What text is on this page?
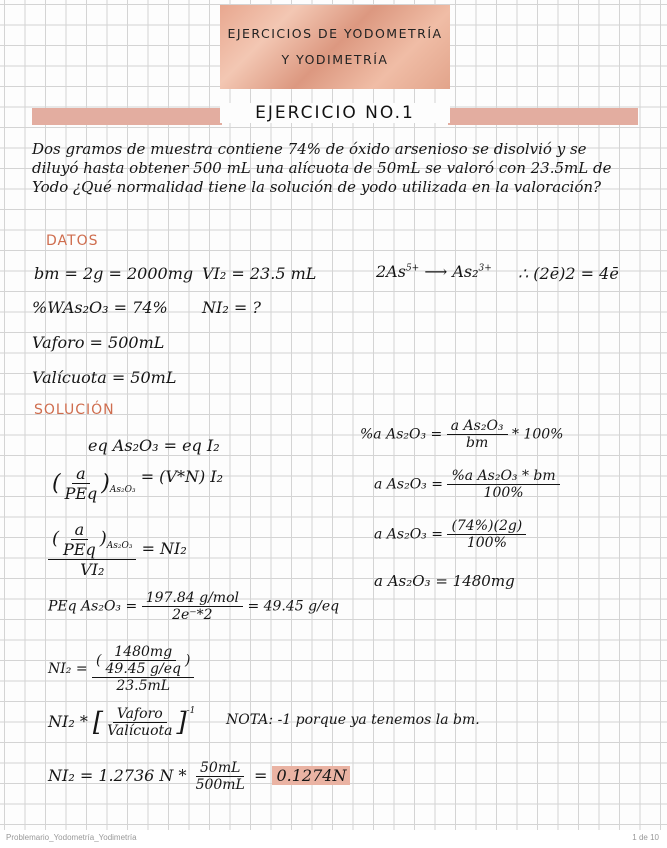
EJERCICIOS DE YODOMETRÍA
Y YODIMETRÍA
EJERCICIO NO.1
Dos gramos de muestra contiene 74% de óxido arsenioso se disolvió y se diluyó hasta obtener 500 mL una alícuota de 50mL se valoró con 23.5mL de Yodo ¿Qué normalidad tiene la solución de yodo utilizada en la valoración?
DATOS
bm = 2g = 2000mg VI₂ = 23.5 mL	$2As^{5+}$ ⟶ As₂$^{3+}$ ∴ (2ē)2 = 4ē
%WAs₂O₃ = 74% NI₂ = ?
Vaforo = 500mL
Valícuota = 50mL
SOLUCIÓN
eq As₂O₃ = eq I₂
( $\frac{a}{\text{PEq}} )_{As_2O_3} = (V*N)$ I₂
$\frac{( \frac{a}{\text{PEq}} )_{As_2O_3}}{\text{VI₂}} = NI_2$
PEq $As_2O_3 = \frac{\text{197.84 g/mol}}{2e^-*2} = 49.45$ g/eq
$NI_2 = \frac{( \frac{1480mg}{49.45 g/eq} )}{23.5mL}$
NI₂ * [ $\frac{\text{Vaforo}}{\text{Valícuota}} ]^{-1}$
NOTA: -1 porque ya tenemos la bm.
NI₂ = 1.2736 $N * \frac{50mL}{500mL} = 0.1274N$
%a $As_2O_3 = \frac{\text{a As₂O₃}}{bm} * 100\%$
a $As_2O_3 = \frac{\text{\%a As₂O₃ * bm}}{100\%}$
a $As_2O_3 = \frac{(74\%)(2g)}{100\%}$
a As₂O₃ = 1480mg
Problemario_Yodometría_Yodimetría	1 de 10
